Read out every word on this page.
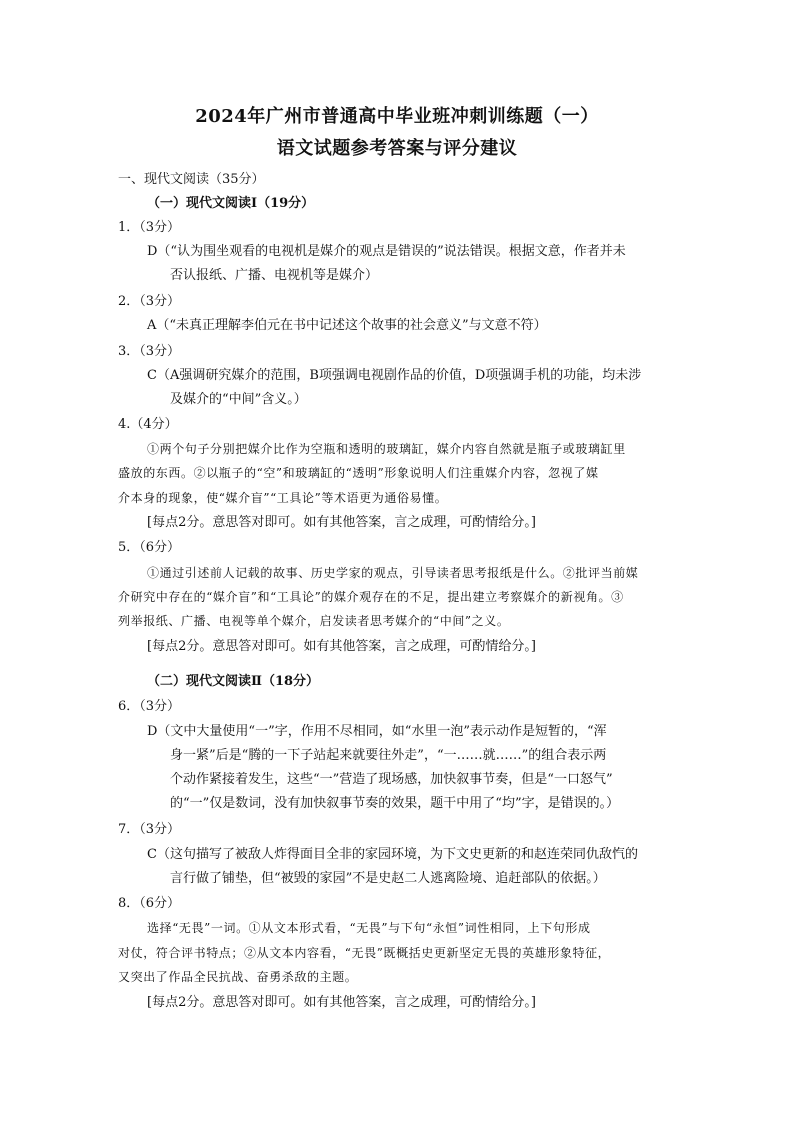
2024年广州市普通高中毕业班冲刺训练题（一）
语文试题参考答案与评分建议
一、现代文阅读（35分）
（一）现代文阅读Ⅰ（19分）
1．（3分）
D（“认为围坐观看的电视机是媒介的观点是错误的”说法错误。根据文意，作者并未
否认报纸、广播、电视机等是媒介）
2．（3分）
A（“未真正理解李伯元在书中记述这个故事的社会意义”与文意不符）
3．（3分）
C（A强调研究媒介的范围，B项强调电视剧作品的价值，D项强调手机的功能，均未涉
及媒介的“中间”含义。）
4.（4分）
①两个句子分别把媒介比作为空瓶和透明的玻璃缸，媒介内容自然就是瓶子或玻璃缸里
盛放的东西。②以瓶子的“空”和玻璃缸的“透明”形象说明人们注重媒介内容，忽视了媒
介本身的现象，使“媒介盲”“工具论”等术语更为通俗易懂。
[每点2分。意思答对即可。如有其他答案，言之成理，可酌情给分。]
5．（6分）
①通过引述前人记载的故事、历史学家的观点，引导读者思考报纸是什么。②批评当前媒
介研究中存在的“媒介盲”和“工具论”的媒介观存在的不足，提出建立考察媒介的新视角。③
列举报纸、广播、电视等单个媒介，启发读者思考媒介的“中间”之义。
[每点2分。意思答对即可。如有其他答案，言之成理，可酌情给分。]
（二）现代文阅读Ⅱ（18分）
6．（3分）
D（文中大量使用“一”字，作用不尽相同，如“水里一泡”表示动作是短暂的，“浑
身一紧”后是“腾的一下子站起来就要往外走”，“一……就……”的组合表示两
个动作紧接着发生，这些“一”营造了现场感，加快叙事节奏，但是“一口怒气”
的“一”仅是数词，没有加快叙事节奏的效果，题干中用了“均”字，是错误的。）
7．（3分）
C（这句描写了被敌人炸得面目全非的家园环境，为下文史更新的和赵连荣同仇敌忾的
言行做了铺垫，但“被毁的家园”不是史赵二人逃离险境、追赶部队的依据。）
8．（6分）
选择“无畏”一词。①从文本形式看，“无畏”与下句“永恒”词性相同，上下句形成
对仗，符合评书特点；②从文本内容看，“无畏”既概括史更新坚定无畏的英雄形象特征，
又突出了作品全民抗战、奋勇杀敌的主题。
[每点2分。意思答对即可。如有其他答案，言之成理，可酌情给分。]
